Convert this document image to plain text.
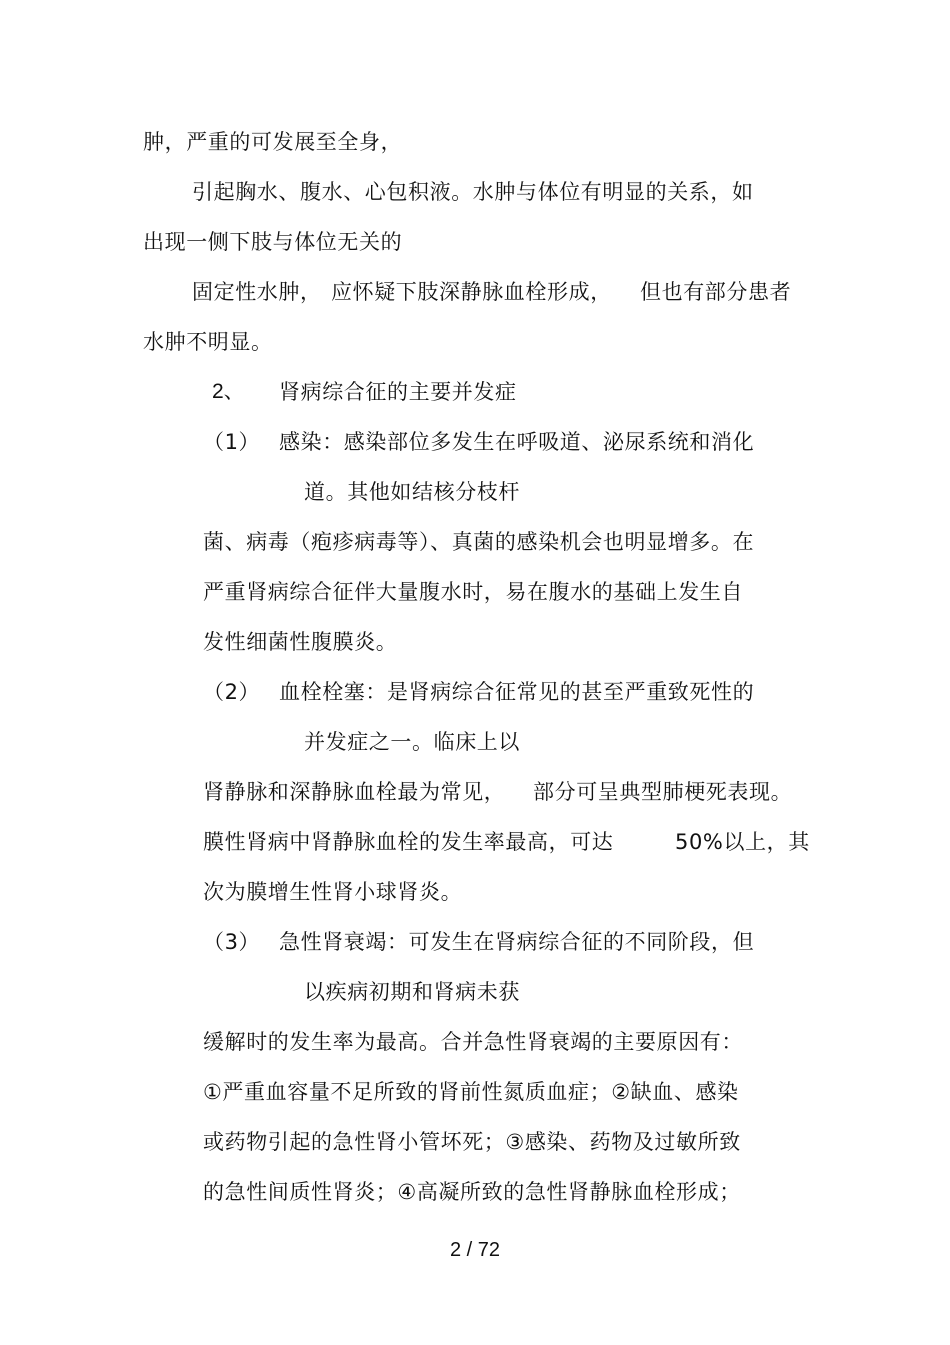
肿，严重的可发展至全身，
引起胸水、腹水、心包积液。水肿与体位有明显的关系，如
出现一侧下肢与体位无关的
固定性水肿， 应怀疑下肢深静脉血栓形成， 但也有部分患者
水肿不明显。
2、 肾病综合征的主要并发症
（1） 感染：感染部位多发生在呼吸道、泌尿系统和消化
道。其他如结核分枝杆
菌、病毒（疱疹病毒等）、真菌的感染机会也明显增多。在
严重肾病综合征伴大量腹水时，易在腹水的基础上发生自
发性细菌性腹膜炎。
（2） 血栓栓塞：是肾病综合征常见的甚至严重致死性的
并发症之一。临床上以
肾静脉和深静脉血栓最为常见， 部分可呈典型肺梗死表现。
膜性肾病中肾静脉血栓的发生率最高，可达	50%以上，其
次为膜增生性肾小球肾炎。
（3） 急性肾衰竭：可发生在肾病综合征的不同阶段，但
以疾病初期和肾病未获
缓解时的发生率为最高。合并急性肾衰竭的主要原因有：
①严重血容量不足所致的肾前性氮质血症；②缺血、感染
或药物引起的急性肾小管坏死；③感染、药物及过敏所致
的急性间质性肾炎；④高凝所致的急性肾静脉血栓形成；
2 / 72
